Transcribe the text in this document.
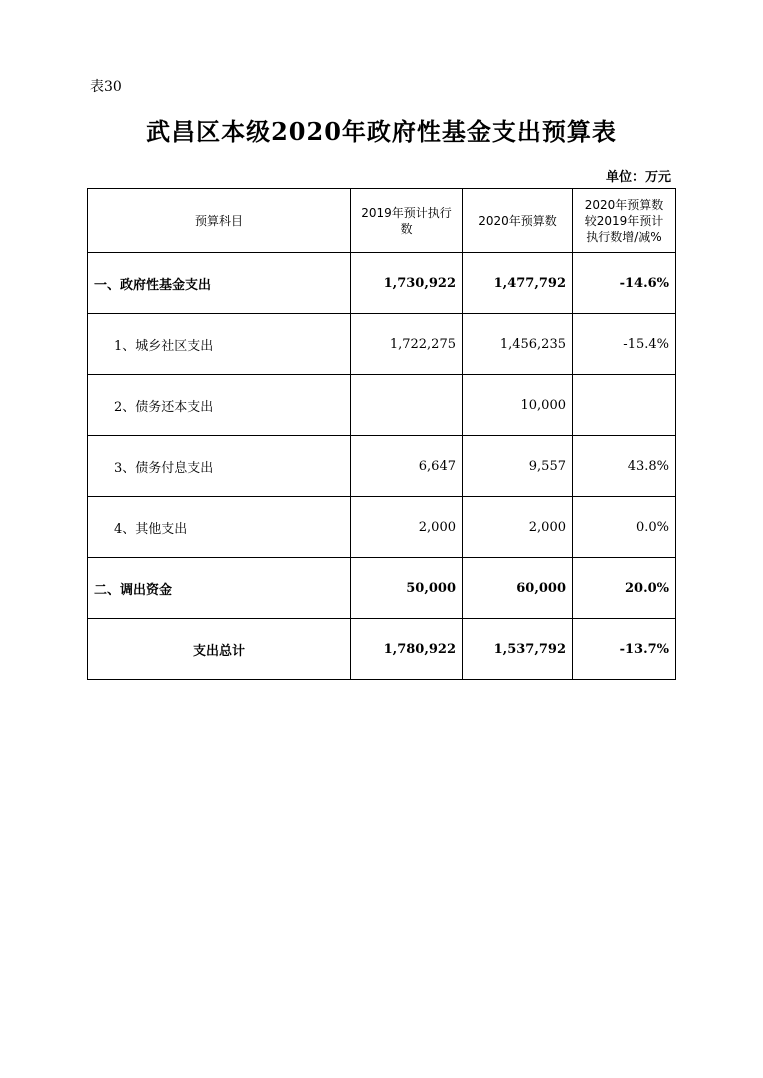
表30
武昌区本级2020年政府性基金支出预算表
单位：万元
预算科目	2019年预计执行数	2020年预算数	2020年预算数较2019年预计执行数增/减%
一、政府性基金支出	1,730,922	1,477,792	-14.6%
1、城乡社区支出	1,722,275	1,456,235	-15.4%
2、债务还本支出		10,000	
3、债务付息支出	6,647	9,557	43.8%
4、其他支出	2,000	2,000	0.0%
二、调出资金	50,000	60,000	20.0%
支出总计	1,780,922	1,537,792	-13.7%
